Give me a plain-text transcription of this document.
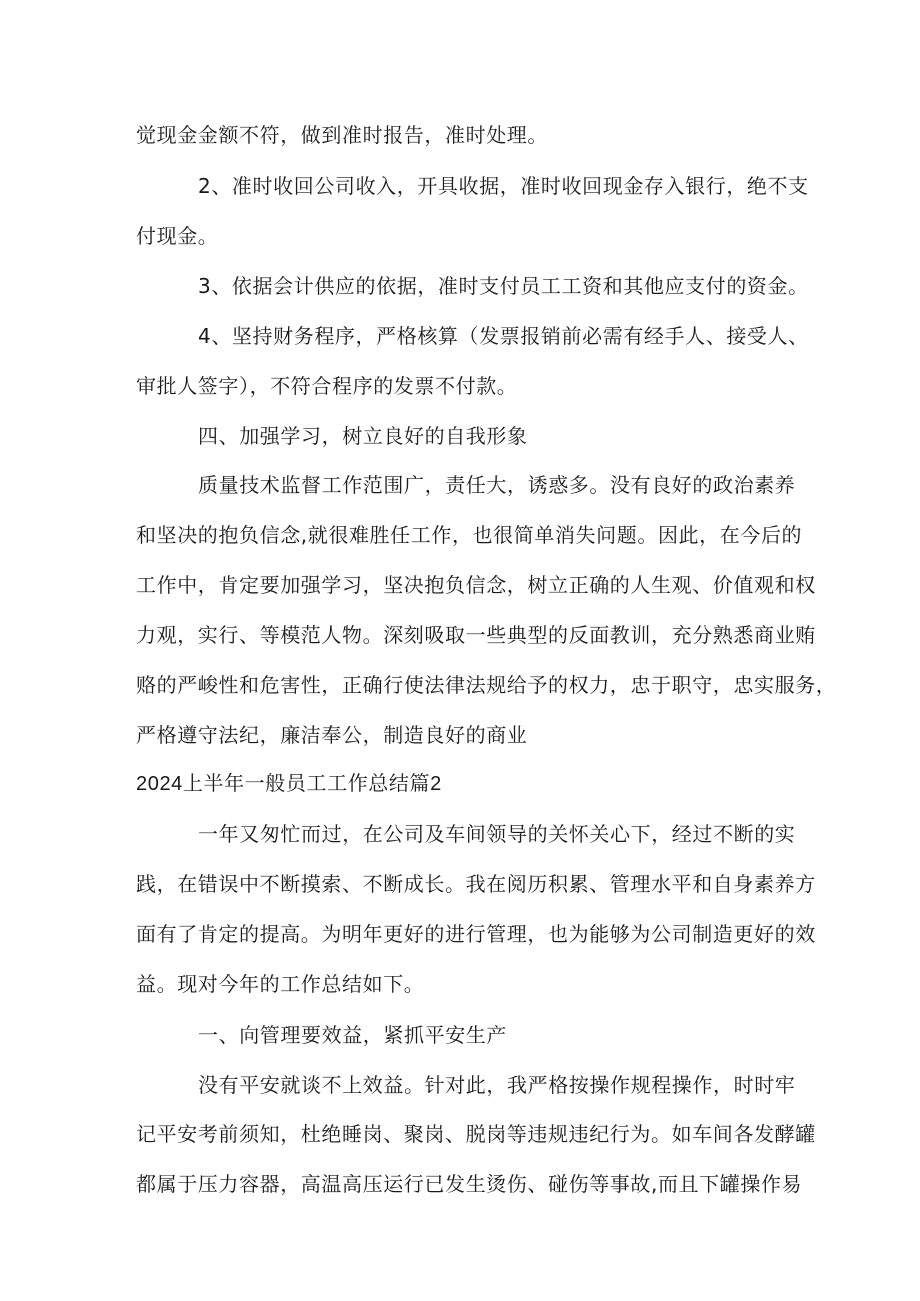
觉现金金额不符，做到准时报告，准时处理。
2、准时收回公司收入，开具收据，准时收回现金存入银行，绝不支
付现金。
3、依据会计供应的依据，准时支付员工工资和其他应支付的资金。
4、坚持财务程序，严格核算（发票报销前必需有经手人、接受人、
审批人签字），不符合程序的发票不付款。
四、加强学习，树立良好的自我形象
质量技术监督工作范围广，责任大，诱惑多。没有良好的政治素养
和坚决的抱负信念,就很难胜任工作，也很简单消失问题。因此，在今后的
工作中，肯定要加强学习，坚决抱负信念，树立正确的人生观、价值观和权
力观，实行、等模范人物。深刻吸取一些典型的反面教训，充分熟悉商业贿
赂的严峻性和危害性，正确行使法律法规给予的权力，忠于职守，忠实服务，
严格遵守法纪，廉洁奉公，制造良好的商业
2024上半年一般员工工作总结篇2
一年又匆忙而过，在公司及车间领导的关怀关心下，经过不断的实
践，在错误中不断摸索、不断成长。我在阅历积累、管理水平和自身素养方
面有了肯定的提高。为明年更好的进行管理，也为能够为公司制造更好的效
益。现对今年的工作总结如下。
一、向管理要效益，紧抓平安生产
没有平安就谈不上效益。针对此，我严格按操作规程操作，时时牢
记平安考前须知，杜绝睡岗、聚岗、脱岗等违规违纪行为。如车间各发酵罐
都属于压力容器，高温高压运行已发生烫伤、碰伤等事故,而且下罐操作易
